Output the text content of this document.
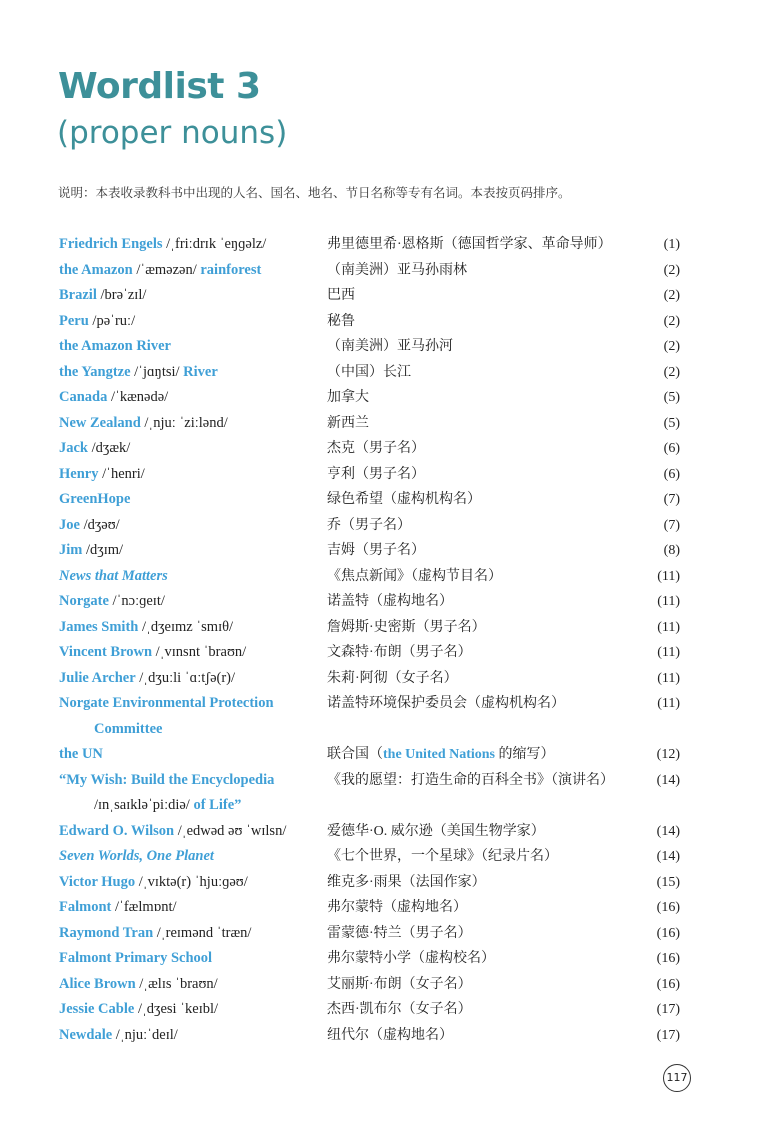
Wordlist 3
(proper nouns)
说明：本表收录教科书中出现的人名、国名、地名、节日名称等专有名词。本表按页码排序。
Friedrich Engels /ˌfriːdrɪk ˈeŋɡəlz/	弗里德里希·恩格斯（德国哲学家、革命导师）	(1)
the Amazon /ˈæməzən/ rainforest	（南美洲）亚马孙雨林	(2)
Brazil /brəˈzɪl/	巴西	(2)
Peru /pəˈruː/	秘鲁	(2)
the Amazon River	（南美洲）亚马孙河	(2)
the Yangtze /ˈjɑŋtsi/ River	（中国）长江	(2)
Canada /ˈkænədə/	加拿大	(5)
New Zealand /ˌnjuː ˈziːlənd/	新西兰	(5)
Jack /dʒæk/	杰克（男子名）	(6)
Henry /ˈhenri/	亨利（男子名）	(6)
GreenHope	绿色希望（虚构机构名）	(7)
Joe /dʒəʊ/	乔（男子名）	(7)
Jim /dʒɪm/	吉姆（男子名）	(8)
News that Matters	《焦点新闻》（虚构节目名）	(11)
Norgate /ˈnɔːɡeɪt/	诺盖特（虚构地名）	(11)
James Smith /ˌdʒeɪmz ˈsmɪθ/	詹姆斯·史密斯（男子名）	(11)
Vincent Brown /ˌvɪnsnt ˈbraʊn/	文森特·布朗（男子名）	(11)
Julie Archer /ˌdʒuːli ˈɑːtʃə(r)/	朱莉·阿彻（女子名）	(11)
Norgate Environmental Protection
Committee
诺盖特环境保护委员会（虚构机构名）	(11)
the UN	联合国（the United Nations 的缩写）	(12)
“My Wish: Build the Encyclopedia
/ɪnˌsaɪkləˈpiːdiə/ of Life”
《我的愿望：打造生命的百科全书》（演讲名）	(14)
Edward O. Wilson /ˌedwəd əʊ ˈwɪlsn/	爱德华·O. 威尔逊（美国生物学家）	(14)
Seven Worlds, One Planet	《七个世界，一个星球》（纪录片名）	(14)
Victor Hugo /ˌvɪktə(r) ˈhjuːɡəʊ/	维克多·雨果（法国作家）	(15)
Falmont /ˈfælmɒnt/	弗尔蒙特（虚构地名）	(16)
Raymond Tran /ˌreɪmənd ˈtræn/	雷蒙德·特兰（男子名）	(16)
Falmont Primary School	弗尔蒙特小学（虚构校名）	(16)
Alice Brown /ˌælɪs ˈbraʊn/	艾丽斯·布朗（女子名）	(16)
Jessie Cable /ˌdʒesi ˈkeɪbl/	杰西·凯布尔（女子名）	(17)
Newdale /ˌnjuːˈdeɪl/	纽代尔（虚构地名）	(17)
117
